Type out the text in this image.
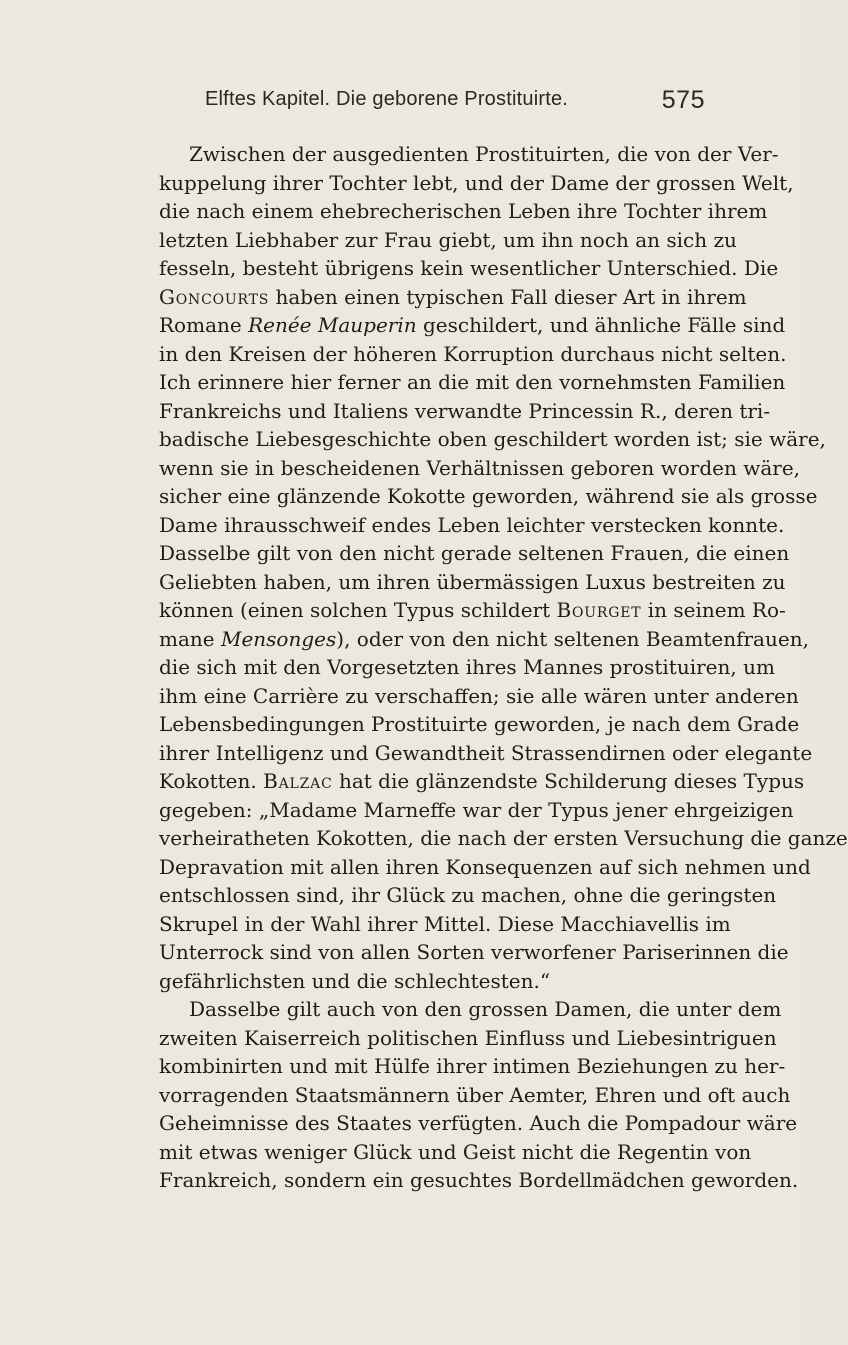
Elftes Kapitel. Die geborene Prostituirte.	575
Zwischen der ausgedienten Prostituirten, die von der Ver-
kuppelung ihrer Tochter lebt, und der Dame der grossen Welt,
die nach einem ehebrecherischen Leben ihre Tochter ihrem
letzten Liebhaber zur Frau giebt, um ihn noch an sich zu
fesseln, besteht übrigens kein wesentlicher Unterschied. Die
Goncourts haben einen typischen Fall dieser Art in ihrem
Romane Renée Mauperin geschildert, und ähnliche Fälle sind
in den Kreisen der höheren Korruption durchaus nicht selten.
Ich erinnere hier ferner an die mit den vornehmsten Familien
Frankreichs und Italiens verwandte Princessin R., deren tri-
badische Liebesgeschichte oben geschildert worden ist; sie wäre,
wenn sie in bescheidenen Verhältnissen geboren worden wäre,
sicher eine glänzende Kokotte geworden, während sie als grosse
Dame ihrausschweif endes Leben leichter verstecken konnte.
Dasselbe gilt von den nicht gerade seltenen Frauen, die einen
Geliebten haben, um ihren übermässigen Luxus bestreiten zu
können (einen solchen Typus schildert Bourget in seinem Ro-
mane Mensonges), oder von den nicht seltenen Beamtenfrauen,
die sich mit den Vorgesetzten ihres Mannes prostituiren, um
ihm eine Carrière zu verschaffen; sie alle wären unter anderen
Lebensbedingungen Prostituirte geworden, je nach dem Grade
ihrer Intelligenz und Gewandtheit Strassendirnen oder elegante
Kokotten. Balzac hat die glänzendste Schilderung dieses Typus
gegeben: „Madame Marneffe war der Typus jener ehrgeizigen
verheiratheten Kokotten, die nach der ersten Versuchung die ganze
Depravation mit allen ihren Konsequenzen auf sich nehmen und
entschlossen sind, ihr Glück zu machen, ohne die geringsten
Skrupel in der Wahl ihrer Mittel. Diese Macchiavellis im
Unterrock sind von allen Sorten verworfener Pariserinnen die
gefährlichsten und die schlechtesten.“
Dasselbe gilt auch von den grossen Damen, die unter dem
zweiten Kaiserreich politischen Einfluss und Liebesintriguen
kombinirten und mit Hülfe ihrer intimen Beziehungen zu her-
vorragenden Staatsmännern über Aemter, Ehren und oft auch
Geheimnisse des Staates verfügten. Auch die Pompadour wäre
mit etwas weniger Glück und Geist nicht die Regentin von
Frankreich, sondern ein gesuchtes Bordellmädchen geworden.
